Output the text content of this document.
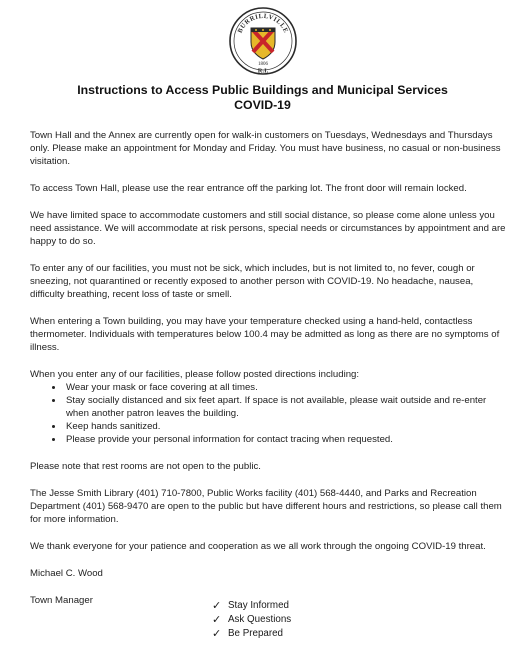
BURRILLVILLE
1806
R.I.
Instructions to Access Public Buildings and Municipal Services
COVID-19

Town Hall and the Annex are currently open for walk-in customers on Tuesdays, Wednesdays and Thursdays only. Please make an appointment for Monday and Friday. You must have business, no casual or non-business visitation.

To access Town Hall, please use the rear entrance off the parking lot. The front door will remain locked.

We have limited space to accommodate customers and still social distance, so please come alone unless you need assistance. We will accommodate at risk persons, special needs or circumstances by appointment and are happy to do so.

To enter any of our facilities, you must not be sick, which includes, but is not limited to, no fever, cough or sneezing, not quarantined or recently exposed to another person with COVID-19. No headache, nausea, difficulty breathing, recent loss of taste or smell.

When entering a Town building, you may have your temperature checked using a hand-held, contactless thermometer. Individuals with temperatures below 100.4 may be admitted as long as there are no symptoms of illness.

When you enter any of our facilities, please follow posted directions including:

• Wear your mask or face covering at all times.
• Stay socially distanced and six feet apart. If space is not available, please wait outside and re-enter when another patron leaves the building.
• Keep hands sanitized.
• Please provide your personal information for contact tracing when requested.

Please note that rest rooms are not open to the public.

The Jesse Smith Library (401) 710-7800, Public Works facility (401) 568-4440, and Parks and Recreation Department (401) 568-9470 are open to the public but have different hours and restrictions, so please call them for more information.

We thank everyone for your patience and cooperation as we all work through the ongoing COVID-19 threat.

Michael C. Wood

Town Manager	✓ Stay Informed
✓ Ask Questions
✓ Be Prepared
